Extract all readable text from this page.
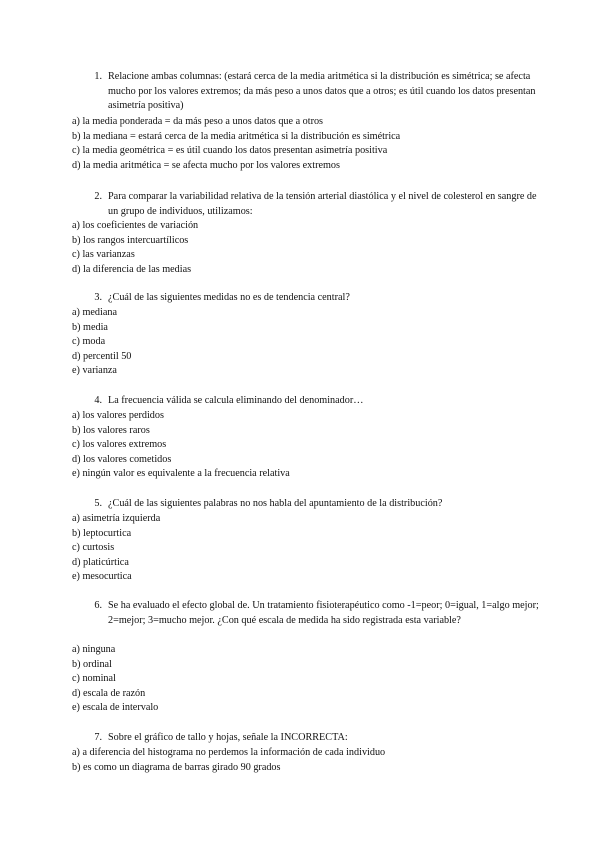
1. Relacione ambas columnas: (estará cerca de la media aritmética si la distribución es simétrica; se afecta mucho por los valores extremos; da más peso a unos datos que a otros; es útil cuando los datos presentan asimetría positiva)
a) la media ponderada = da más peso a unos datos que a otros
b) la mediana = estará cerca de la media aritmética si la distribución es simétrica
c) la media geométrica = es útil cuando los datos presentan asimetría positiva
d) la media aritmética = se afecta mucho por los valores extremos
2. Para comparar la variabilidad relativa de la tensión arterial diastólica y el nivel de colesterol en sangre de un grupo de individuos, utilizamos:
a) los coeficientes de variación
b) los rangos intercuartílicos
c) las varianzas
d) la diferencia de las medias
3. ¿Cuál de las siguientes medidas no es de tendencia central?
a) mediana
b) media
c) moda
d) percentil 50
e) varianza
4. La frecuencia válida se calcula eliminando del denominador…
a) los valores perdidos
b) los valores raros
c) los valores extremos
d) los valores cometidos
e) ningún valor es equivalente a la frecuencia relativa
5. ¿Cuál de las siguientes palabras no nos habla del apuntamiento de la distribución?
a) asimetría izquierda
b) leptocurtica
c) curtosis
d) platicúrtica
e) mesocurtica
6. Se ha evaluado el efecto global de. Un tratamiento fisioterapéutico como -1=peor; 0=igual, 1=algo mejor; 2=mejor; 3=mucho mejor. ¿Con qué escala de medida ha sido registrada esta variable?
a) ninguna
b) ordinal
c) nominal
d) escala de razón
e) escala de intervalo
7. Sobre el gráfico de tallo y hojas, señale la INCORRECTA:
a) a diferencia del histograma no perdemos la información de cada individuo
b) es como un diagrama de barras girado 90 grados
